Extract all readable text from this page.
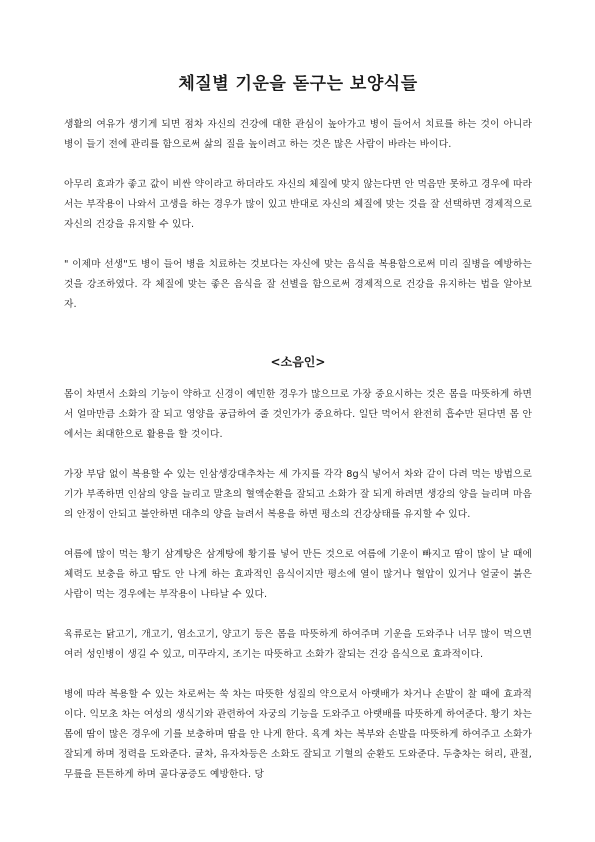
체질별 기운을 돋구는 보양식들

생활의 여유가 생기게 되면 점차 자신의 건강에 대한 관심이 높아가고 병이 들어서 치료를 하는 것이 아니라 병이 들기 전에 관리를 함으로써 삶의 질을 높이려고 하는 것은 많은 사람이 바라는 바이다.

아무리 효과가 좋고 값이 비싼 약이라고 하더라도 자신의 체질에 맞지 않는다면 안 먹음만 못하고 경우에 따라서는 부작용이 나와서 고생을 하는 경우가 많이 있고 반대로 자신의 체질에 맞는 것을 잘 선택하면 경제적으로 자신의 건강을 유지할 수 있다.

" 이제마 선생"도 병이 들어 병을 치료하는 것보다는 자신에 맞는 음식을 복용함으로써 미리 질병을 예방하는 것을 강조하였다. 각 체질에 맞는 좋은 음식을 잘 선별을 함으로써 경제적으로 건강을 유지하는 법을 알아보자.

<소음인>

몸이 차면서 소화의 기능이 약하고 신경이 예민한 경우가 많으므로 가장 중요시하는 것은 몸을 따뜻하게 하면서 얼마만큼 소화가 잘 되고 영양을 공급하여 줄 것인가가 중요하다. 일단 먹어서 완전히 흡수만 된다면 몸 안에서는 최대한으로 활용을 할 것이다.

가장 부담 없이 복용할 수 있는 인삼생강대추차는 세 가지를 각각 8g식 넣어서 차와 같이 다려 먹는 방법으로 기가 부족하면 인삼의 양을 늘리고 말초의 혈액순환을 잘되고 소화가 잘 되게 하려면 생강의 양을 늘리며 마음의 안정이 안되고 불안하면 대추의 양을 늘려서 복용을 하면 평소의 건강상태를 유지할 수 있다.

여름에 많이 먹는 황기 삼계탕은 삼계탕에 황기를 넣어 만든 것으로 여름에 기운이 빠지고 땀이 많이 날 때에 체력도 보충을 하고 땀도 안 나게 하는 효과적인 음식이지만 평소에 열이 많거나 혈압이 있거나 얼굴이 붉은 사람이 먹는 경우에는 부작용이 나타날 수 있다.

육류로는 닭고기, 개고기, 염소고기, 양고기 등은 몸을 따뜻하게 하여주며 기운을 도와주나 너무 많이 먹으면 여러 성인병이 생길 수 있고, 미꾸라지, 조기는 따뜻하고 소화가 잘되는 건강 음식으로 효과적이다.

병에 따라 복용할 수 있는 차로써는 쑥 차는 따뜻한 성질의 약으로서 아랫배가 차거나 손발이 찰 때에 효과적이다. 익모초 차는 여성의 생식기와 관련하여 자궁의 기능을 도와주고 아랫배를 따뜻하게 하여준다. 황기 차는 몸에 땀이 많은 경우에 기를 보충하며 땀을 안 나게 한다. 육계 차는 복부와 손발을 따뜻하게 하여주고 소화가 잘되게 하며 정력을 도와준다. 귤차, 유자차등은 소화도 잘되고 기혈의 순환도 도와준다. 두충차는 허리, 관절, 무릎을 튼튼하게 하며 골다공증도 예방한다. 당
